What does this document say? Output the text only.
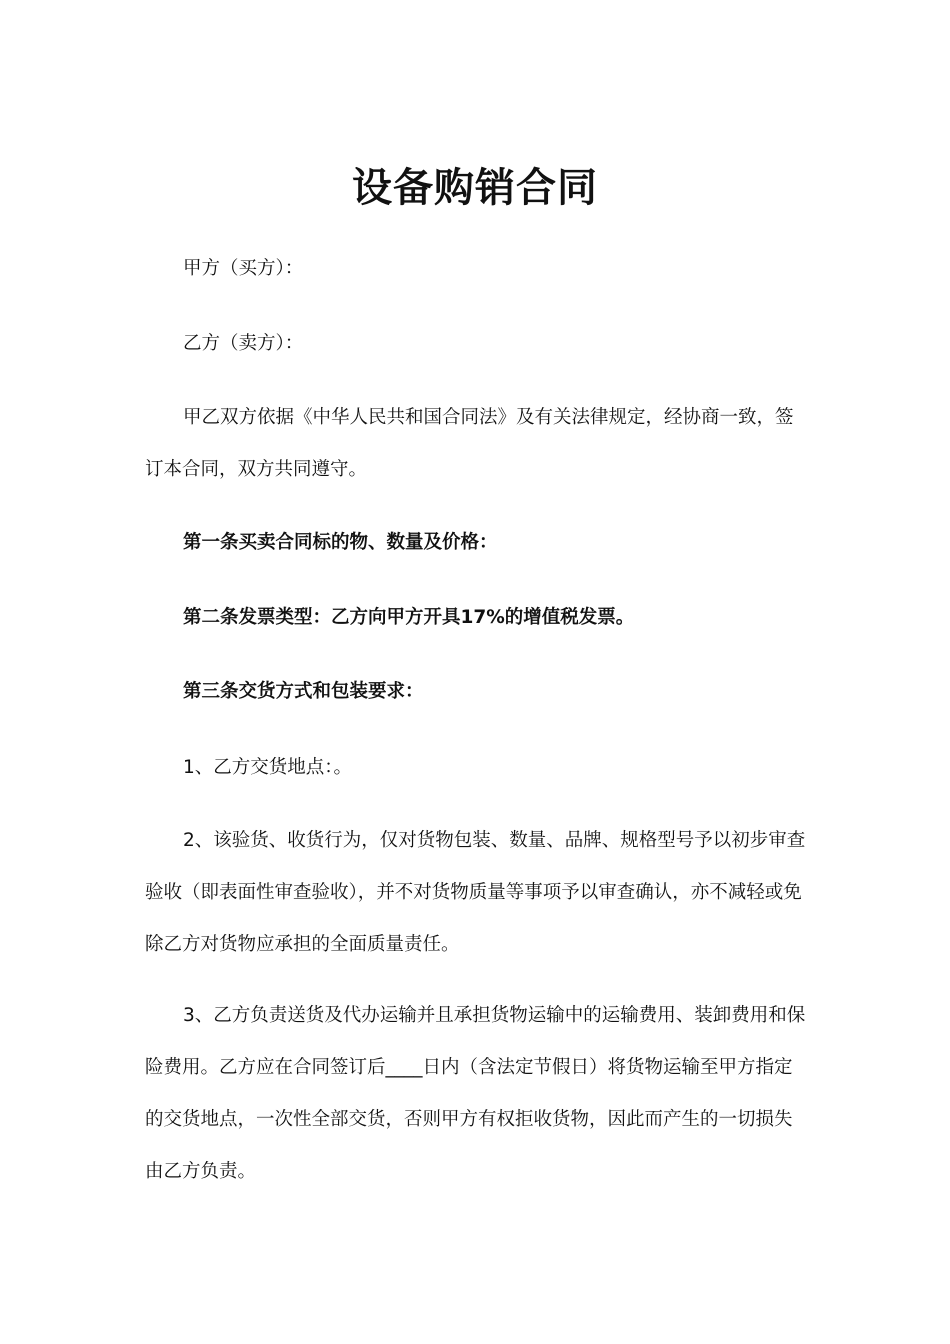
设备购销合同

甲方（买方）：

乙方（卖方）：

甲乙双方依据《中华人民共和国合同法》及有关法律规定，经协商一致，签订本合同，双方共同遵守。

第一条买卖合同标的物、数量及价格：

第二条发票类型：乙方向甲方开具17%的增值税发票。

第三条交货方式和包装要求：

1、乙方交货地点：。

2、该验货、收货行为，仅对货物包装、数量、品牌、规格型号予以初步审查验收（即表面性审查验收），并不对货物质量等事项予以审查确认，亦不减轻或免除乙方对货物应承担的全面质量责任。

3、乙方负责送货及代办运输并且承担货物运输中的运输费用、装卸费用和保险费用。乙方应在合同签订后____日内（含法定节假日）将货物运输至甲方指定的交货地点，一次性全部交货，否则甲方有权拒收货物，因此而产生的一切损失由乙方负责。
